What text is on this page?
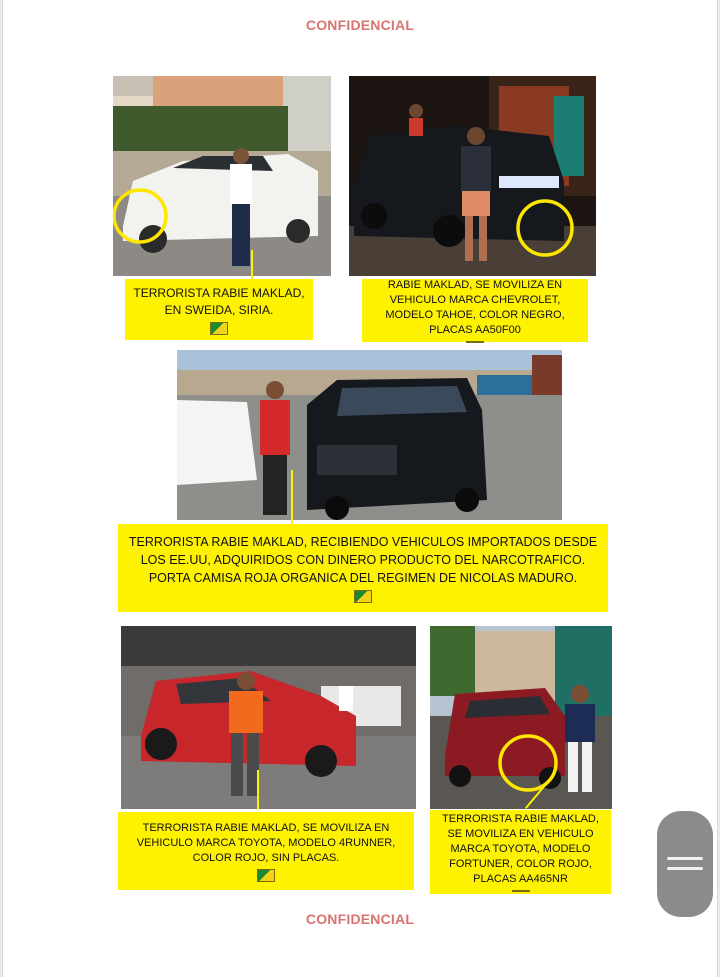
CONFIDENCIAL
TERRORISTA RABIE MAKLAD, EN SWEIDA, SIRIA.
RABIE MAKLAD, SE MOVILIZA EN VEHICULO MARCA CHEVROLET, MODELO TAHOE, COLOR NEGRO, PLACAS AA50F00
TERRORISTA RABIE MAKLAD, RECIBIENDO VEHICULOS IMPORTADOS DESDE LOS EE.UU, ADQUIRIDOS CON DINERO PRODUCTO DEL NARCOTRAFICO. PORTA CAMISA ROJA ORGANICA DEL REGIMEN DE NICOLAS MADURO.
TERRORISTA RABIE MAKLAD, SE MOVILIZA EN VEHICULO MARCA TOYOTA, MODELO 4RUNNER, COLOR ROJO, SIN PLACAS.
TERRORISTA RABIE MAKLAD, SE MOVILIZA EN VEHICULO MARCA TOYOTA, MODELO FORTUNER, COLOR ROJO, PLACAS AA465NR
CONFIDENCIAL
